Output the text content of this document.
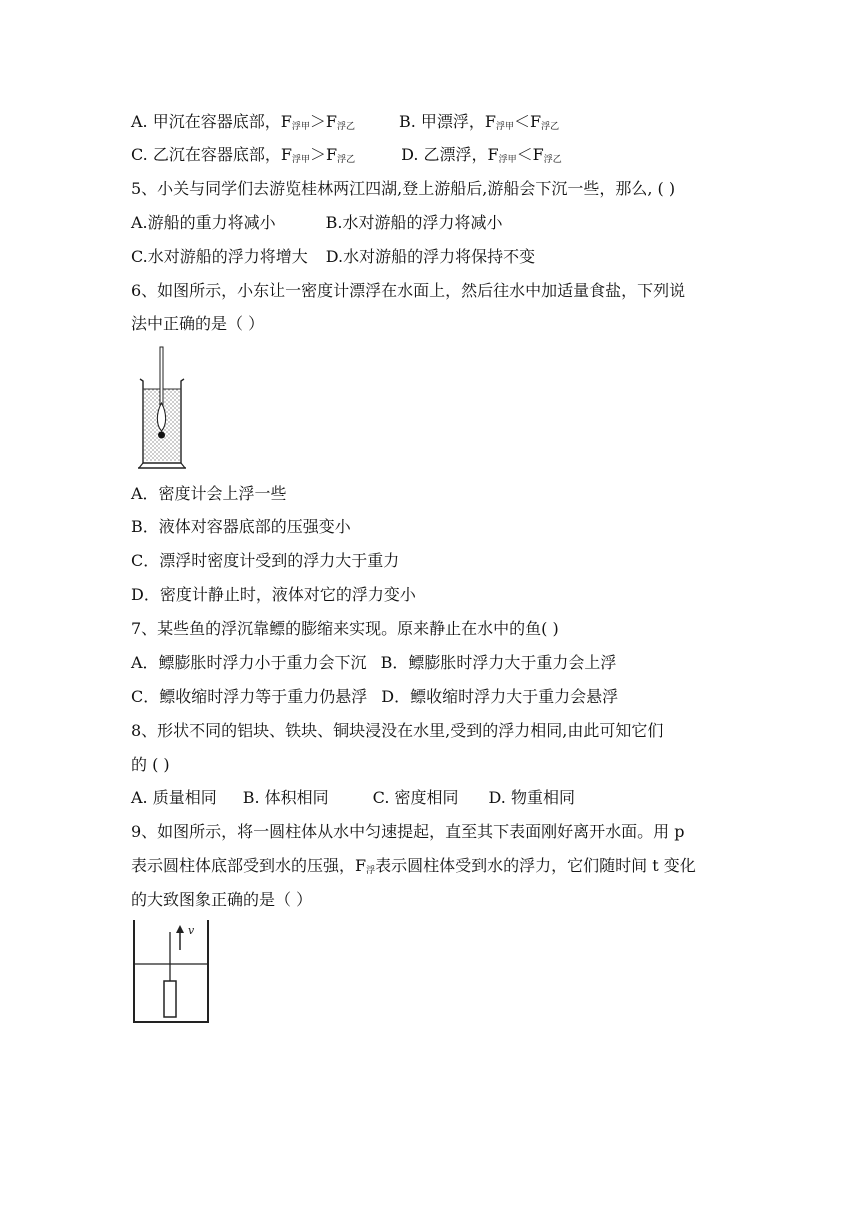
A. 甲沉在容器底部，$F_{浮甲}>F_{浮乙}$	B. 甲漂浮，$F_{浮甲}<F_{浮乙}$
C. 乙沉在容器底部，$F_{浮甲}>F_{浮乙}$	D. 乙漂浮，$F_{浮甲}<F_{浮乙}$
5、小关与同学们去游览桂林两江四湖,登上游船后,游船会下沉一些，那么, ( )
A.游船的重力将减小	B.水对游船的浮力将减小
C.水对游船的浮力将增大 D.水对游船的浮力将保持不变
6、如图所示，小东让一密度计漂浮在水面上，然后往水中加适量食盐，下列说
法中正确的是（ ）
A．密度计会上浮一些
B．液体对容器底部的压强变小
C．漂浮时密度计受到的浮力大于重力
D．密度计静止时，液体对它的浮力变小
7、某些鱼的浮沉靠鳔的膨缩来实现。原来静止在水中的鱼( )
A．鳔膨胀时浮力小于重力会下沉 B．鳔膨胀时浮力大于重力会上浮
C．鳔收缩时浮力等于重力仍悬浮 D．鳔收缩时浮力大于重力会悬浮
8、形状不同的铝块、铁块、铜块浸没在水里,受到的浮力相同,由此可知它们
的 ( )
A. 质量相同 B. 体积相同	C. 密度相同 D. 物重相同
9、如图所示，将一圆柱体从水中匀速提起，直至其下表面刚好离开水面。用 p
表示圆柱体底部受到水的压强，$F_浮$表示圆柱体受到水的浮力，它们随时间 t 变化
的大致图象正确的是（ ）
v
